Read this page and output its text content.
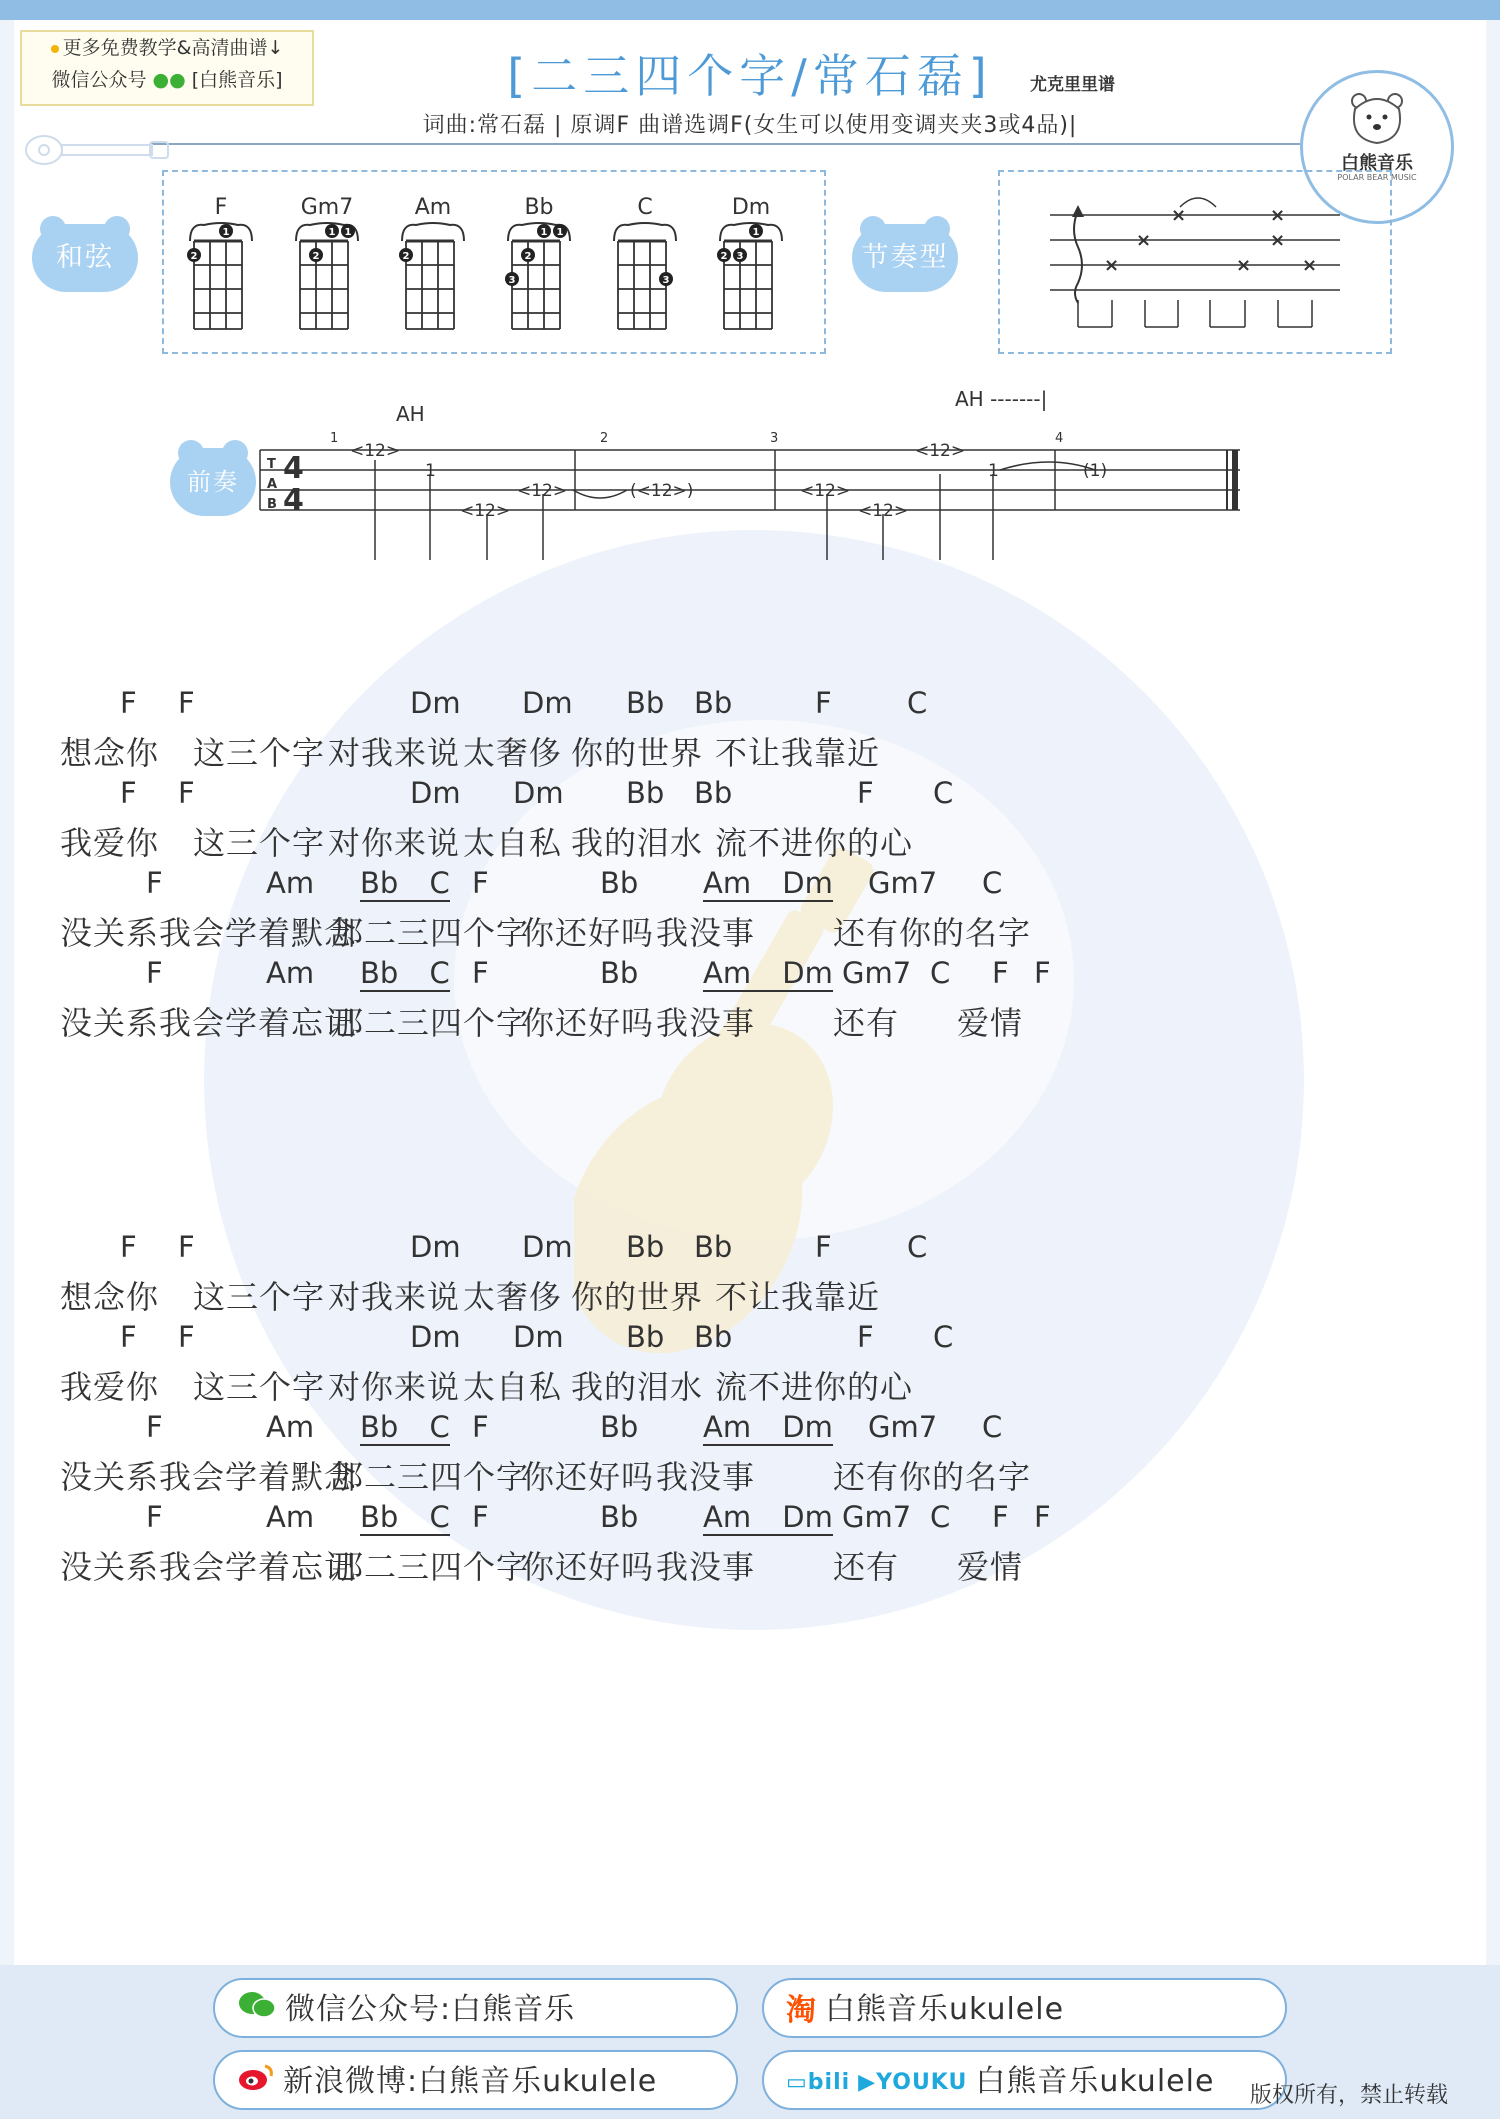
更多免费教学&高清曲谱↓
微信公众号 ●● [白熊音乐]	[二三四个字/常石磊]	尤克里里谱
词曲:常石磊 | 原调F 曲谱选调F(女生可以使用变调夹夹3或4品)|
白熊音乐
POLAR BEAR MUSIC
和弦
F
2
1
Gm7
2
1 1
Am
2
Bb
3
2
1 1
C
3
Dm
2 3
1
节奏型	×
×
×
×
×
×
×
前奏
AH
AH -------|
T
A
B
4
4
1	2	3	4
<12>
1
<12>
<12>	(<12>)	<12>
<12>
<12>
1	(1)
F F	Dm Dm Bb Bb	F	C
想念你 这三个字 对我来说 太奢侈 你的世界 不让我靠近
F F	Dm Dm Bb Bb	F C
我爱你 这三个字 对你来说 太自私 我的泪水 流不进你的心
F	Am Bb C F	Bb Am Dm Gm7 C
没关系我会学着默念
那二三四个字
你还好吗 我没事 还有你的名字
F	Am Bb C F	Bb Am Dm Gm7 C F F
没关系我会学着忘记
那二三四个字
你还好吗 我没事 还有 爱情
F F	Dm Dm Bb Bb	F	C
想念你 这三个字 对我来说 太奢侈 你的世界 不让我靠近
F F	Dm Dm Bb Bb	F C
我爱你 这三个字 对你来说 太自私 我的泪水 流不进你的心
F	Am Bb C F	Bb Am Dm Gm7 C
没关系我会学着默念
那二三四个字
你还好吗 我没事 还有你的名字
F	Am Bb C F	Bb Am Dm Gm7 C F F
没关系我会学着忘记
那二三四个字
你还好吗 我没事 还有 爱情
微信公众号:白熊音乐	淘 白熊音乐ukulele
新浪微博:白熊音乐ukulele	▭bili ▶YOUKU 白熊音乐ukulele	版权所有，禁止转载
